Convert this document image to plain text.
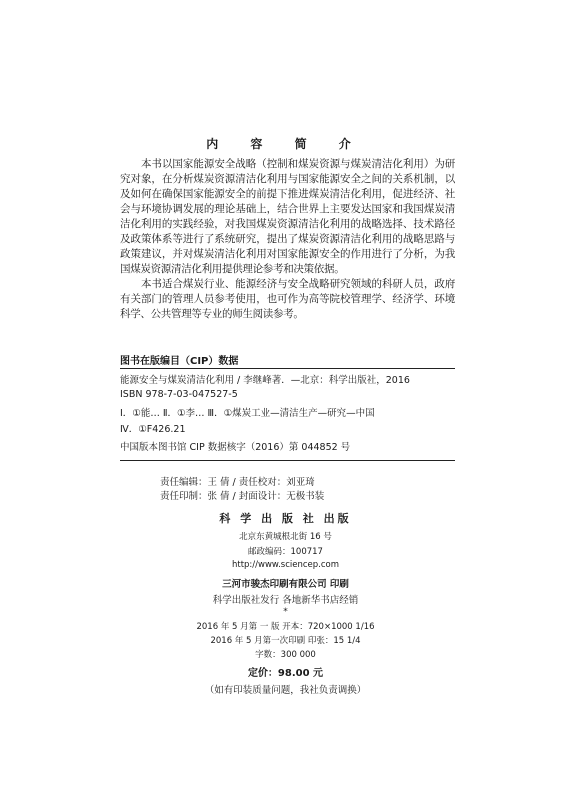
内 容 简 介

本书以国家能源安全战略（控制和煤炭资源与煤炭清洁化利用）为研究对象，在分析煤炭资源清洁化利用与国家能源安全之间的关系机制，以及如何在确保国家能源安全的前提下推进煤炭清洁化利用，促进经济、社会与环境协调发展的理论基础上，结合世界上主要发达国家和我国煤炭清洁化利用的实践经验，对我国煤炭资源清洁化利用的战略选择、技术路径及政策体系等进行了系统研究，提出了煤炭资源清洁化利用的战略思路与政策建议，并对煤炭清洁化利用对国家能源安全的作用进行了分析，为我国煤炭资源清洁化利用提供理论参考和决策依据。

本书适合煤炭行业、能源经济与安全战略研究领域的科研人员，政府有关部门的管理人员参考使用，也可作为高等院校管理学、经济学、环境科学、公共管理等专业的师生阅读参考。

图书在版编目（CIP）数据
能源安全与煤炭清洁化利用 / 李继峰著．—北京：科学出版社，2016
ISBN 978-7-03-047527-5
Ⅰ．①能… Ⅱ．①李… Ⅲ．①煤炭工业—清洁生产—研究—中国
Ⅳ．①F426.21
中国版本图书馆 CIP 数据核字（2016）第 044852 号
责任编辑：王 倩 / 责任校对：刘亚琦
责任印制：张 倩 / 封面设计：无极书装
科 学 出 版 社 出版
北京东黄城根北街 16 号
邮政编码：100717
http://www.sciencep.com
三河市骏杰印刷有限公司 印刷
科学出版社发行 各地新华书店经销
*
2016 年 5 月第 一 版 开本：720×1000 1/16
2016 年 5 月第一次印刷 印张：15 1/4
字数：300 000
定价：98.00 元
（如有印装质量问题，我社负责调换）
